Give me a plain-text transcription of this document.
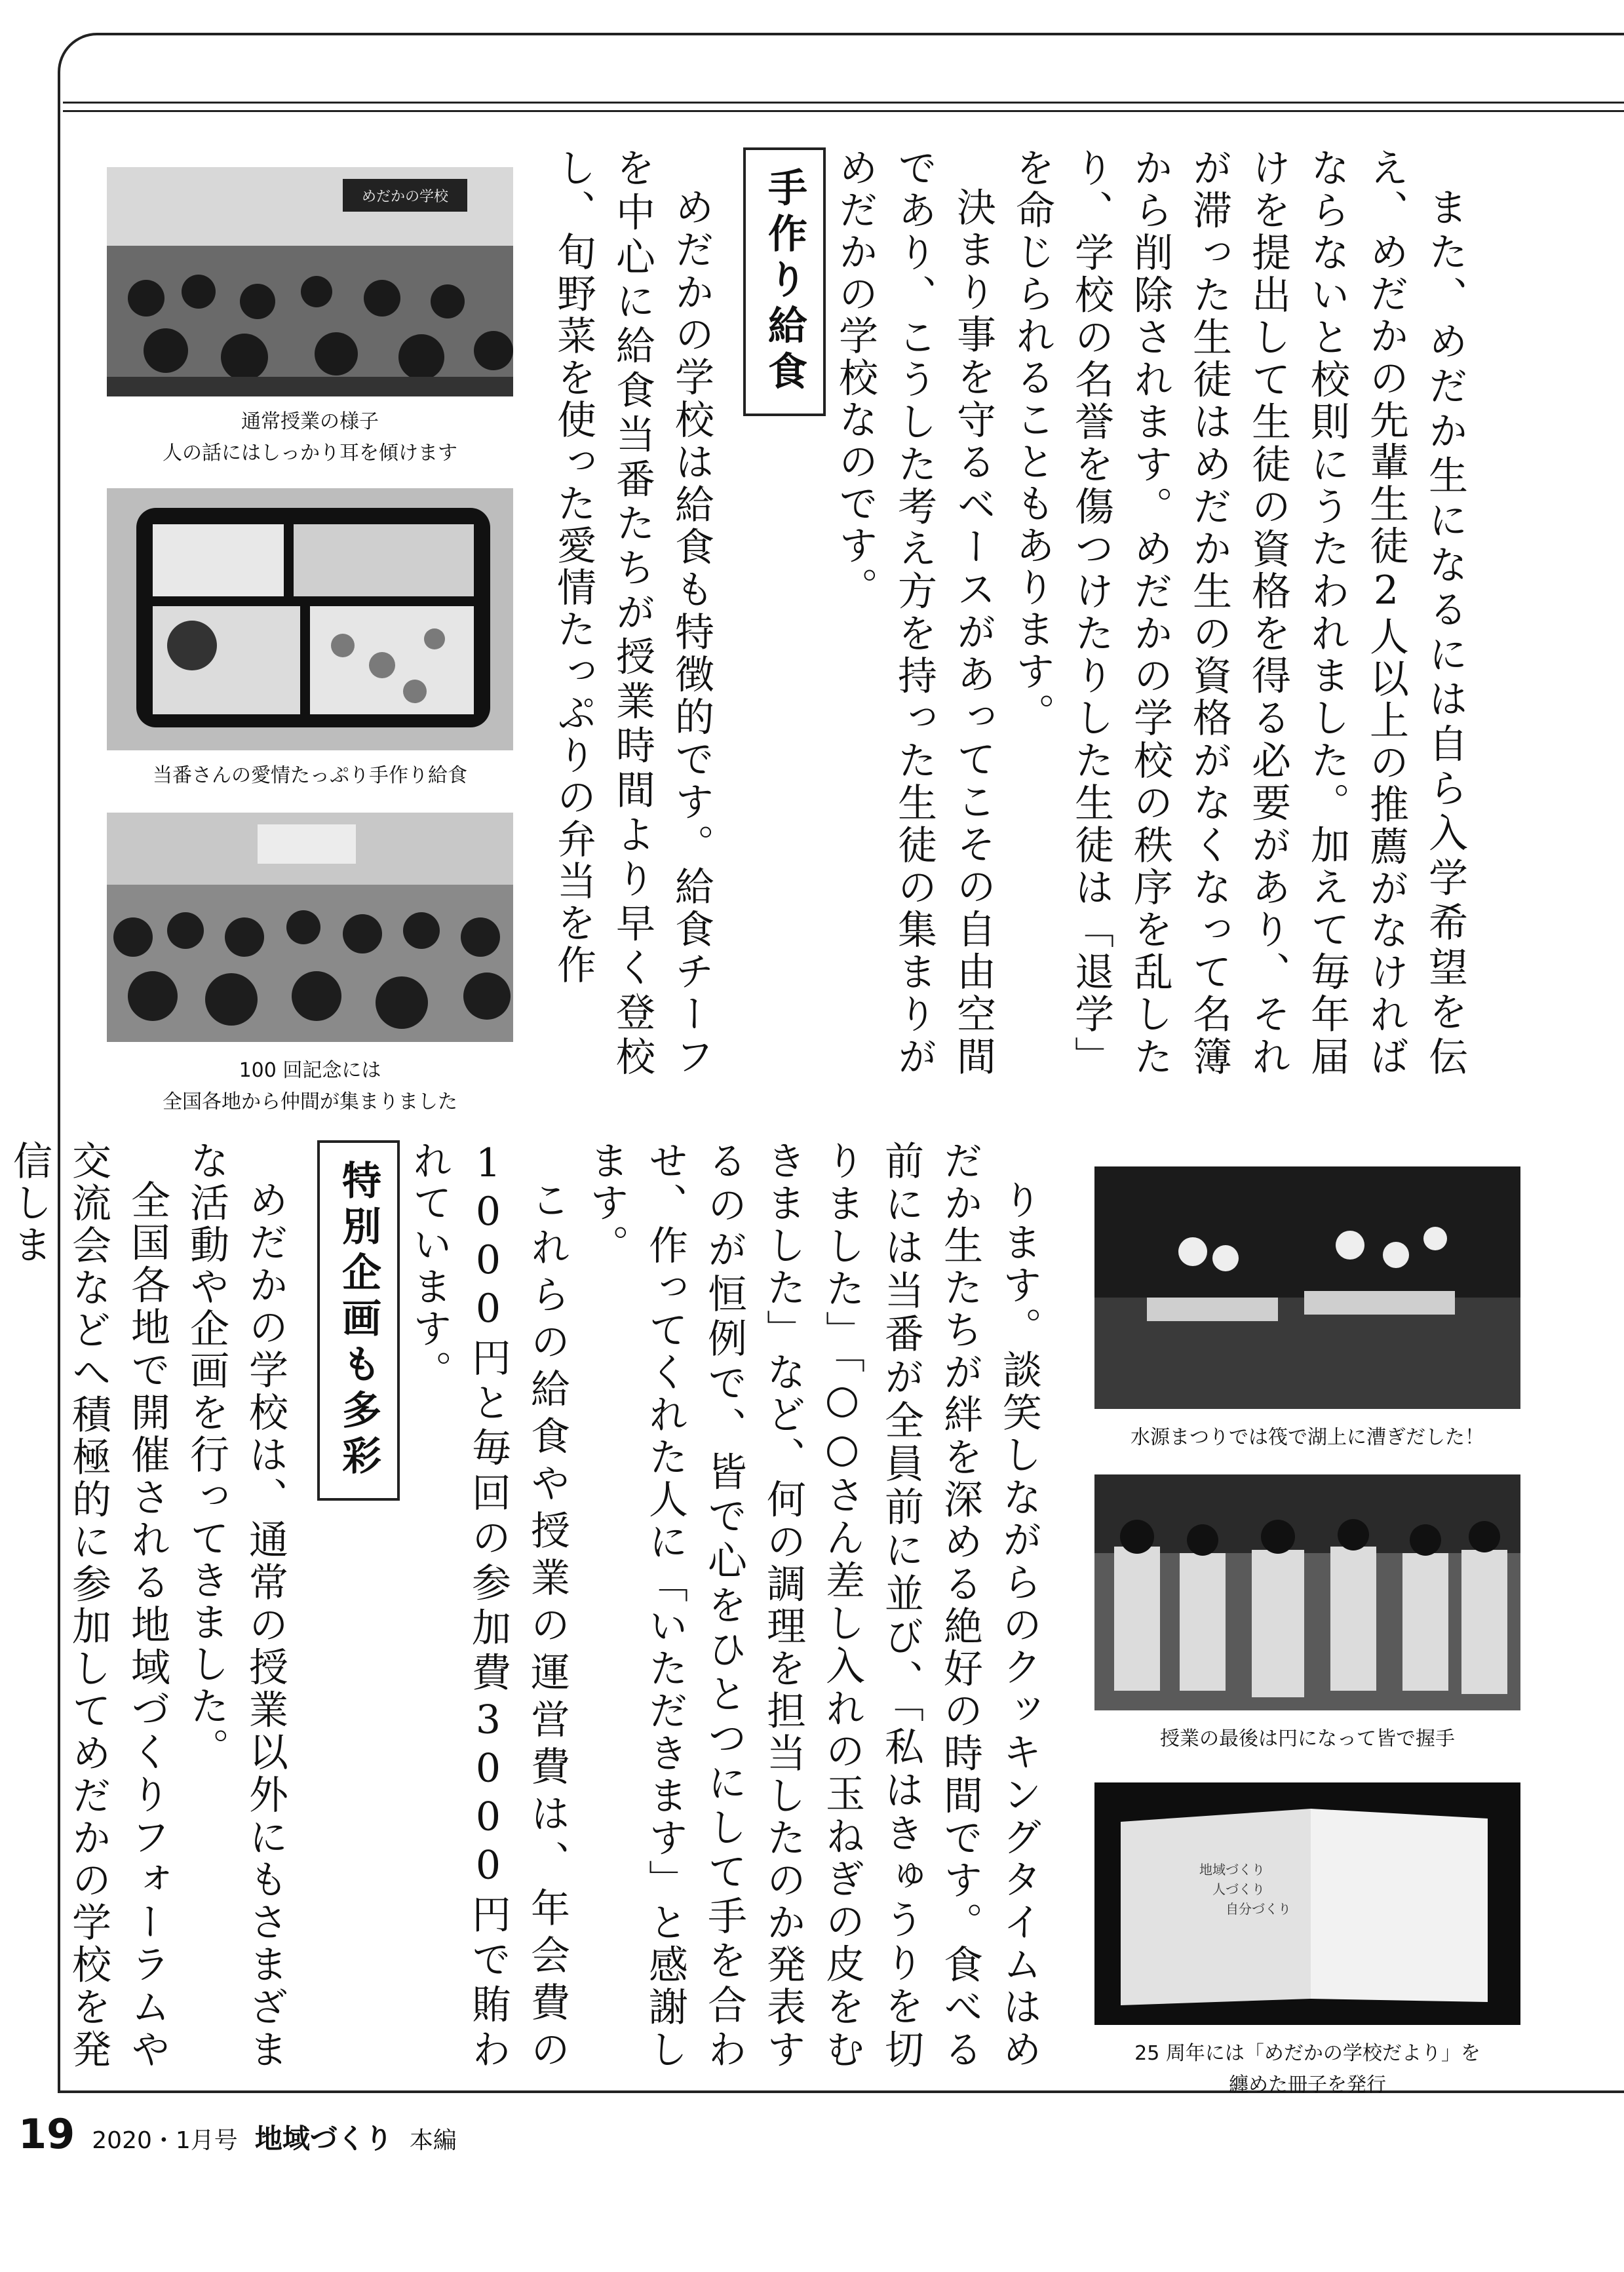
また、めだか生になるには自ら入学希望を伝え、めだかの先輩生徒2人以上の推薦がなければならないと校則にうたわれました。加えて毎年届けを提出して生徒の資格を得る必要があり、それが滞った生徒はめだか生の資格がなくなって名簿から削除されます。めだかの学校の秩序を乱したり、学校の名誉を傷つけたりした生徒は「退学」を命じられることもあります。

決まり事を守るベースがあってこその自由空間であり、こうした考え方を持った生徒の集まりがめだかの学校なのです。

手作り給食

めだかの学校は給食も特徴的です。給食チーフを中心に給食当番たちが授業時間より早く登校し、旬野菜を使った愛情たっぷりの弁当を作

ります。談笑しながらのクッキングタイムはめだか生たちが絆を深める絶好の時間です。食べる前には当番が全員前に並び、「私はきゅうりを切りました」「○○さん差し入れの玉ねぎの皮をむきました」など、何の調理を担当したのか発表するのが恒例で、皆で心をひとつにして手を合わせ、作ってくれた人に「いただきます」と感謝します。

これらの給食や授業の運営費は、年会費の1000円と毎回の参加費3000円で賄われています。

特別企画も多彩

めだかの学校は、通常の授業以外にもさまざまな活動や企画を行ってきました。

全国各地で開催される地域づくりフォーラムや交流会などへ積極的に参加してめだかの学校を発信しま

めだかの学校
通常授業の様子
人の話にはしっかり耳を傾けます
当番さんの愛情たっぷり手作り給食
100 回記念には
全国各地から仲間が集まりました
水源まつりでは筏で湖上に漕ぎだした！
授業の最後は円になって皆で握手
地域づくり
人づくり
自分づくり
25 周年には「めだかの学校だより」を
纏めた冊子を発行
19 2020・1月号 地域づくり 本編
